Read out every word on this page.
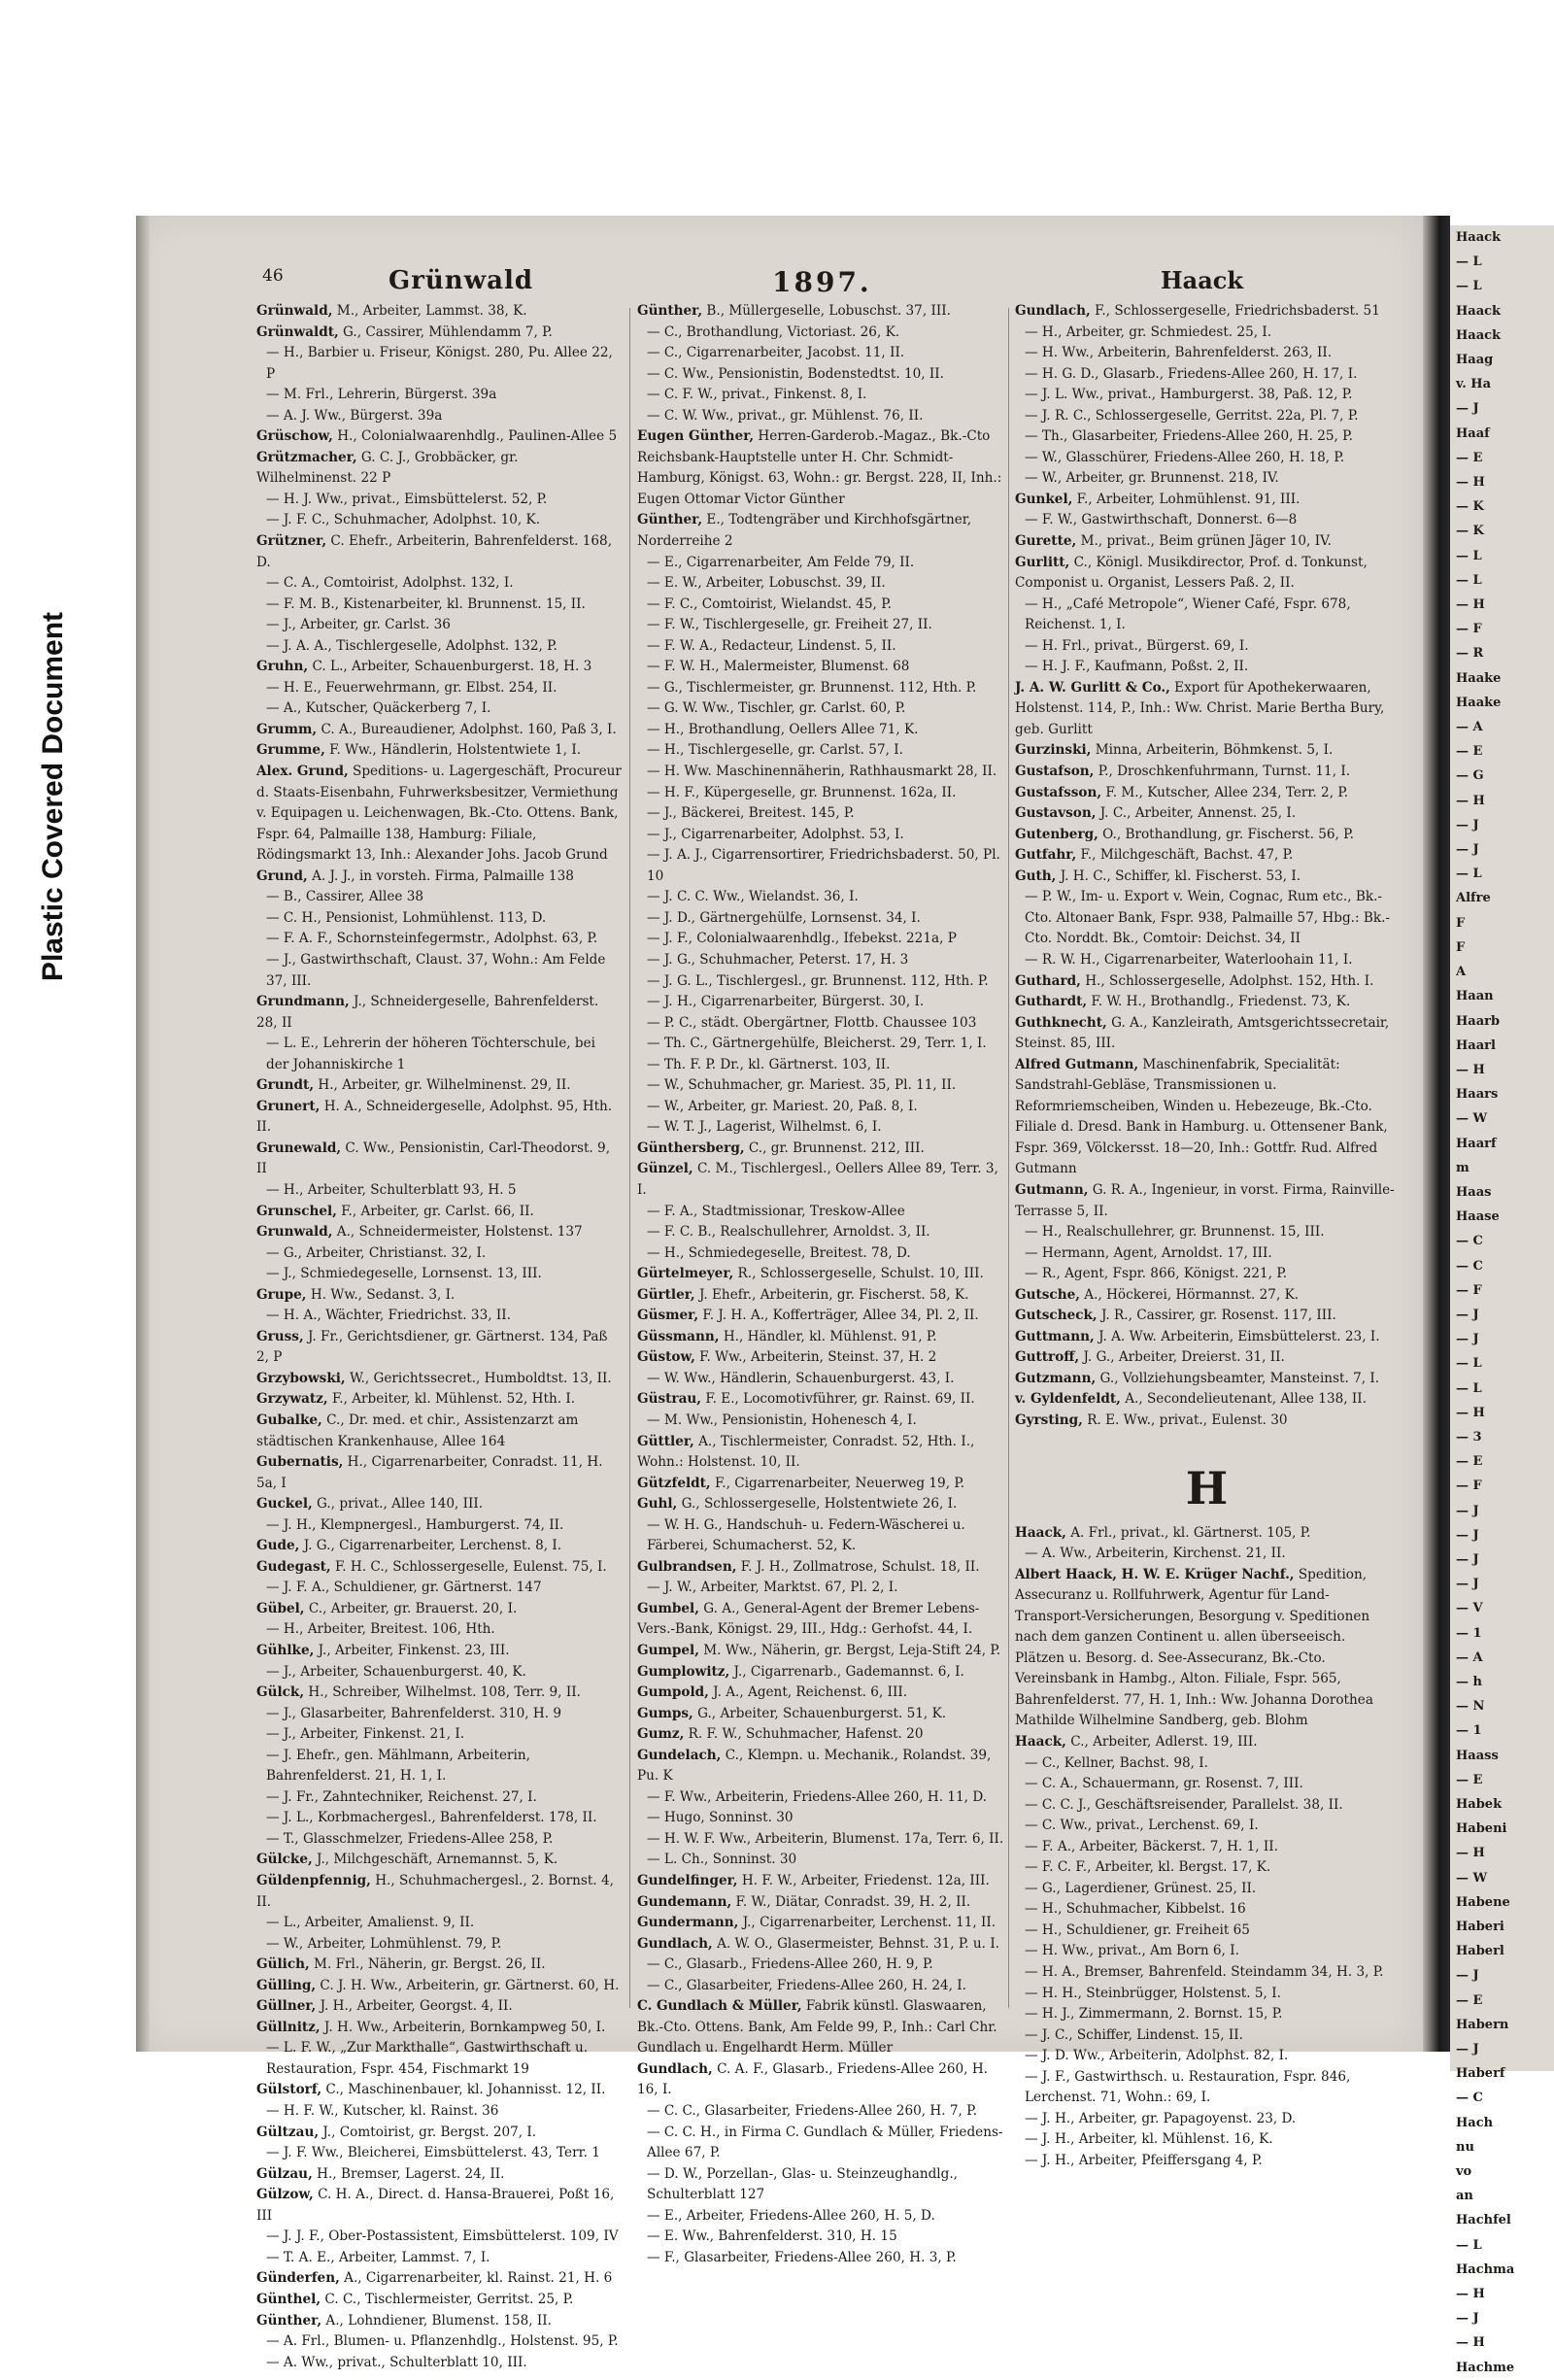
Plastic Covered Document
46	Grünwald	1897.	Haack
Grünwald, M., Arbeiter, Lammst. 38, K.
Grünwaldt, G., Cassirer, Mühlendamm 7, P.
— H., Barbier u. Friseur, Königst. 280, Pu. Allee 22, P
— M. Frl., Lehrerin, Bürgerst. 39a
— A. J. Ww., Bürgerst. 39a
Grüschow, H., Colonialwaarenhdlg., Paulinen-Allee 5
Grützmacher, G. C. J., Grobbäcker, gr. Wilhelminenst. 22 P
— H. J. Ww., privat., Eimsbüttelerst. 52, P.
— J. F. C., Schuhmacher, Adolphst. 10, K.
Grützner, C. Ehefr., Arbeiterin, Bahrenfelderst. 168, D.
— C. A., Comtoirist, Adolphst. 132, I.
— F. M. B., Kistenarbeiter, kl. Brunnenst. 15, II.
— J., Arbeiter, gr. Carlst. 36
— J. A. A., Tischlergeselle, Adolphst. 132, P.
Gruhn, C. L., Arbeiter, Schauenburgerst. 18, H. 3
— H. E., Feuerwehrmann, gr. Elbst. 254, II.
— A., Kutscher, Quäckerberg 7, I.
Grumm, C. A., Bureaudiener, Adolphst. 160, Paß 3, I.
Grumme, F. Ww., Händlerin, Holstentwiete 1, I.
Alex. Grund, Speditions- u. Lagergeschäft, Procureur d. Staats-Eisenbahn, Fuhrwerksbesitzer, Vermiethung v. Equipagen u. Leichenwagen, Bk.-Cto. Ottens. Bank, Fspr. 64, Palmaille 138, Hamburg: Filiale, Rödingsmarkt 13, Inh.: Alexander Johs. Jacob Grund
Grund, A. J. J., in vorsteh. Firma, Palmaille 138
— B., Cassirer, Allee 38
— C. H., Pensionist, Lohmühlenst. 113, D.
— F. A. F., Schornsteinfegermstr., Adolphst. 63, P.
— J., Gastwirthschaft, Claust. 37, Wohn.: Am Felde 37, III.
Grundmann, J., Schneidergeselle, Bahrenfelderst. 28, II
— L. E., Lehrerin der höheren Töchterschule, bei der Johanniskirche 1
Grundt, H., Arbeiter, gr. Wilhelminenst. 29, II.
Grunert, H. A., Schneidergeselle, Adolphst. 95, Hth. II.
Grunewald, C. Ww., Pensionistin, Carl-Theodorst. 9, II
— H., Arbeiter, Schulterblatt 93, H. 5
Grunschel, F., Arbeiter, gr. Carlst. 66, II.
Grunwald, A., Schneidermeister, Holstenst. 137
— G., Arbeiter, Christianst. 32, I.
— J., Schmiedegeselle, Lornsenst. 13, III.
Grupe, H. Ww., Sedanst. 3, I.
— H. A., Wächter, Friedrichst. 33, II.
Gruss, J. Fr., Gerichtsdiener, gr. Gärtnerst. 134, Paß 2, P
Grzybowski, W., Gerichtssecret., Humboldtst. 13, II.
Grzywatz, F., Arbeiter, kl. Mühlenst. 52, Hth. I.
Gubalke, C., Dr. med. et chir., Assistenzarzt am städtischen Krankenhause, Allee 164
Gubernatis, H., Cigarrenarbeiter, Conradst. 11, H. 5a, I
Guckel, G., privat., Allee 140, III.
— J. H., Klempnergesl., Hamburgerst. 74, II.
Gude, J. G., Cigarrenarbeiter, Lerchenst. 8, I.
Gudegast, F. H. C., Schlossergeselle, Eulenst. 75, I.
— J. F. A., Schuldiener, gr. Gärtnerst. 147
Gübel, C., Arbeiter, gr. Brauerst. 20, I.
— H., Arbeiter, Breitest. 106, Hth.
Gühlke, J., Arbeiter, Finkenst. 23, III.
— J., Arbeiter, Schauenburgerst. 40, K.
Gülck, H., Schreiber, Wilhelmst. 108, Terr. 9, II.
— J., Glasarbeiter, Bahrenfelderst. 310, H. 9
— J., Arbeiter, Finkenst. 21, I.
— J. Ehefr., gen. Mählmann, Arbeiterin, Bahrenfelderst. 21, H. 1, I.
— J. Fr., Zahntechniker, Reichenst. 27, I.
— J. L., Korbmachergesl., Bahrenfelderst. 178, II.
— T., Glasschmelzer, Friedens-Allee 258, P.
Gülcke, J., Milchgeschäft, Arnemannst. 5, K.
Güldenpfennig, H., Schuhmachergesl., 2. Bornst. 4, II.
— L., Arbeiter, Amalienst. 9, II.
— W., Arbeiter, Lohmühlenst. 79, P.
Gülich, M. Frl., Näherin, gr. Bergst. 26, II.
Gülling, C. J. H. Ww., Arbeiterin, gr. Gärtnerst. 60, H.
Güllner, J. H., Arbeiter, Georgst. 4, II.
Güllnitz, J. H. Ww., Arbeiterin, Bornkampweg 50, I.
— L. F. W., „Zur Markthalle“, Gastwirthschaft u. Restauration, Fspr. 454, Fischmarkt 19
Gülstorf, C., Maschinenbauer, kl. Johannisst. 12, II.
— H. F. W., Kutscher, kl. Rainst. 36
Gültzau, J., Comtoirist, gr. Bergst. 207, I.
— J. F. Ww., Bleicherei, Eimsbüttelerst. 43, Terr. 1
Gülzau, H., Bremser, Lagerst. 24, II.
Gülzow, C. H. A., Direct. d. Hansa-Brauerei, Poßt 16, III
— J. J. F., Ober-Postassistent, Eimsbüttelerst. 109, IV
— T. A. E., Arbeiter, Lammst. 7, I.
Günderfen, A., Cigarrenarbeiter, kl. Rainst. 21, H. 6
Günthel, C. C., Tischlermeister, Gerritst. 25, P.
Günther, A., Lohndiener, Blumenst. 158, II.
— A. Frl., Blumen- u. Pflanzenhdlg., Holstenst. 95, P.
— A. Ww., privat., Schulterblatt 10, III.
Günther, B., Müllergeselle, Lobuschst. 37, III.
— C., Brothandlung, Victoriast. 26, K.
— C., Cigarrenarbeiter, Jacobst. 11, II.
— C. Ww., Pensionistin, Bodenstedtst. 10, II.
— C. F. W., privat., Finkenst. 8, I.
— C. W. Ww., privat., gr. Mühlenst. 76, II.
Eugen Günther, Herren-Garderob.-Magaz., Bk.-Cto Reichsbank-Hauptstelle unter H. Chr. Schmidt-Hamburg, Königst. 63, Wohn.: gr. Bergst. 228, II, Inh.: Eugen Ottomar Victor Günther
Günther, E., Todtengräber und Kirchhofsgärtner, Norderreihe 2
— E., Cigarrenarbeiter, Am Felde 79, II.
— E. W., Arbeiter, Lobuschst. 39, II.
— F. C., Comtoirist, Wielandst. 45, P.
— F. W., Tischlergeselle, gr. Freiheit 27, II.
— F. W. A., Redacteur, Lindenst. 5, II.
— F. W. H., Malermeister, Blumenst. 68
— G., Tischlermeister, gr. Brunnenst. 112, Hth. P.
— G. W. Ww., Tischler, gr. Carlst. 60, P.
— H., Brothandlung, Oellers Allee 71, K.
— H., Tischlergeselle, gr. Carlst. 57, I.
— H. Ww. Maschinennäherin, Rathhausmarkt 28, II.
— H. F., Küpergeselle, gr. Brunnenst. 162a, II.
— J., Bäckerei, Breitest. 145, P.
— J., Cigarrenarbeiter, Adolphst. 53, I.
— J. A. J., Cigarrensortirer, Friedrichsbaderst. 50, Pl. 10
— J. C. C. Ww., Wielandst. 36, I.
— J. D., Gärtnergehülfe, Lornsenst. 34, I.
— J. F., Colonialwaarenhdlg., Ifebekst. 221a, P
— J. G., Schuhmacher, Peterst. 17, H. 3
— J. G. L., Tischlergesl., gr. Brunnenst. 112, Hth. P.
— J. H., Cigarrenarbeiter, Bürgerst. 30, I.
— P. C., städt. Obergärtner, Flottb. Chaussee 103
— Th. C., Gärtnergehülfe, Bleicherst. 29, Terr. 1, I.
— Th. F. P. Dr., kl. Gärtnerst. 103, II.
— W., Schuhmacher, gr. Mariest. 35, Pl. 11, II.
— W., Arbeiter, gr. Mariest. 20, Paß. 8, I.
— W. T. J., Lagerist, Wilhelmst. 6, I.
Günthersberg, C., gr. Brunnenst. 212, III.
Günzel, C. M., Tischlergesl., Oellers Allee 89, Terr. 3, I.
— F. A., Stadtmissionar, Treskow-Allee
— F. C. B., Realschullehrer, Arnoldst. 3, II.
— H., Schmiedegeselle, Breitest. 78, D.
Gürtelmeyer, R., Schlossergeselle, Schulst. 10, III.
Gürtler, J. Ehefr., Arbeiterin, gr. Fischerst. 58, K.
Güsmer, F. J. H. A., Kofferträger, Allee 34, Pl. 2, II.
Güssmann, H., Händler, kl. Mühlenst. 91, P.
Güstow, F. Ww., Arbeiterin, Steinst. 37, H. 2
— W. Ww., Händlerin, Schauenburgerst. 43, I.
Güstrau, F. E., Locomotivführer, gr. Rainst. 69, II.
— M. Ww., Pensionistin, Hohenesch 4, I.
Güttler, A., Tischlermeister, Conradst. 52, Hth. I., Wohn.: Holstenst. 10, II.
Gützfeldt, F., Cigarrenarbeiter, Neuerweg 19, P.
Guhl, G., Schlossergeselle, Holstentwiete 26, I.
— W. H. G., Handschuh- u. Federn-Wäscherei u. Färberei, Schumacherst. 52, K.
Gulbrandsen, F. J. H., Zollmatrose, Schulst. 18, II.
— J. W., Arbeiter, Marktst. 67, Pl. 2, I.
Gumbel, G. A., General-Agent der Bremer Lebens-Vers.-Bank, Königst. 29, III., Hdg.: Gerhofst. 44, I.
Gumpel, M. Ww., Näherin, gr. Bergst, Leja-Stift 24, P.
Gumplowitz, J., Cigarrenarb., Gademannst. 6, I.
Gumpold, J. A., Agent, Reichenst. 6, III.
Gumps, G., Arbeiter, Schauenburgerst. 51, K.
Gumz, R. F. W., Schuhmacher, Hafenst. 20
Gundelach, C., Klempn. u. Mechanik., Rolandst. 39, Pu. K
— F. Ww., Arbeiterin, Friedens-Allee 260, H. 11, D.
— Hugo, Sonninst. 30
— H. W. F. Ww., Arbeiterin, Blumenst. 17a, Terr. 6, II.
— L. Ch., Sonninst. 30
Gundelfinger, H. F. W., Arbeiter, Friedenst. 12a, III.
Gundemann, F. W., Diätar, Conradst. 39, H. 2, II.
Gundermann, J., Cigarrenarbeiter, Lerchenst. 11, II.
Gundlach, A. W. O., Glasermeister, Behnst. 31, P. u. I.
— C., Glasarb., Friedens-Allee 260, H. 9, P.
— C., Glasarbeiter, Friedens-Allee 260, H. 24, I.
C. Gundlach & Müller, Fabrik künstl. Glaswaaren, Bk.-Cto. Ottens. Bank, Am Felde 99, P., Inh.: Carl Chr. Gundlach u. Engelhardt Herm. Müller
Gundlach, C. A. F., Glasarb., Friedens-Allee 260, H. 16, I.
— C. C., Glasarbeiter, Friedens-Allee 260, H. 7, P.
— C. C. H., in Firma C. Gundlach & Müller, Friedens-Allee 67, P.
— D. W., Porzellan-, Glas- u. Steinzeughandlg., Schulterblatt 127
— E., Arbeiter, Friedens-Allee 260, H. 5, D.
— E. Ww., Bahrenfelderst. 310, H. 15
— F., Glasarbeiter, Friedens-Allee 260, H. 3, P.
Gundlach, F., Schlossergeselle, Friedrichsbaderst. 51
— H., Arbeiter, gr. Schmiedest. 25, I.
— H. Ww., Arbeiterin, Bahrenfelderst. 263, II.
— H. G. D., Glasarb., Friedens-Allee 260, H. 17, I.
— J. L. Ww., privat., Hamburgerst. 38, Paß. 12, P.
— J. R. C., Schlossergeselle, Gerritst. 22a, Pl. 7, P.
— Th., Glasarbeiter, Friedens-Allee 260, H. 25, P.
— W., Glasschürer, Friedens-Allee 260, H. 18, P.
— W., Arbeiter, gr. Brunnenst. 218, IV.
Gunkel, F., Arbeiter, Lohmühlenst. 91, III.
— F. W., Gastwirthschaft, Donnerst. 6—8
Gurette, M., privat., Beim grünen Jäger 10, IV.
Gurlitt, C., Königl. Musikdirector, Prof. d. Tonkunst, Componist u. Organist, Lessers Paß. 2, II.
— H., „Café Metropole“, Wiener Café, Fspr. 678, Reichenst. 1, I.
— H. Frl., privat., Bürgerst. 69, I.
— H. J. F., Kaufmann, Poßst. 2, II.
J. A. W. Gurlitt & Co., Export für Apothekerwaaren, Holstenst. 114, P., Inh.: Ww. Christ. Marie Bertha Bury, geb. Gurlitt
Gurzinski, Minna, Arbeiterin, Böhmkenst. 5, I.
Gustafson, P., Droschkenfuhrmann, Turnst. 11, I.
Gustafsson, F. M., Kutscher, Allee 234, Terr. 2, P.
Gustavson, J. C., Arbeiter, Annenst. 25, I.
Gutenberg, O., Brothandlung, gr. Fischerst. 56, P.
Gutfahr, F., Milchgeschäft, Bachst. 47, P.
Guth, J. H. C., Schiffer, kl. Fischerst. 53, I.
— P. W., Im- u. Export v. Wein, Cognac, Rum etc., Bk.-Cto. Altonaer Bank, Fspr. 938, Palmaille 57, Hbg.: Bk.-Cto. Norddt. Bk., Comtoir: Deichst. 34, II
— R. W. H., Cigarrenarbeiter, Waterloohain 11, I.
Guthard, H., Schlossergeselle, Adolphst. 152, Hth. I.
Guthardt, F. W. H., Brothandlg., Friedenst. 73, K.
Guthknecht, G. A., Kanzleirath, Amtsgerichtssecretair, Steinst. 85, III.
Alfred Gutmann, Maschinenfabrik, Specialität: Sandstrahl-Gebläse, Transmissionen u. Reformriemscheiben, Winden u. Hebezeuge, Bk.-Cto. Filiale d. Dresd. Bank in Hamburg. u. Ottensener Bank, Fspr. 369, Völckersst. 18—20, Inh.: Gottfr. Rud. Alfred Gutmann
Gutmann, G. R. A., Ingenieur, in vorst. Firma, Rainville-Terrasse 5, II.
— H., Realschullehrer, gr. Brunnenst. 15, III.
— Hermann, Agent, Arnoldst. 17, III.
— R., Agent, Fspr. 866, Königst. 221, P.
Gutsche, A., Höckerei, Hörmannst. 27, K.
Gutscheck, J. R., Cassirer, gr. Rosenst. 117, III.
Guttmann, J. A. Ww. Arbeiterin, Eimsbüttelerst. 23, I.
Guttroff, J. G., Arbeiter, Dreierst. 31, II.
Gutzmann, G., Vollziehungsbeamter, Mansteinst. 7, I.
v. Gyldenfeldt, A., Secondelieutenant, Allee 138, II.
Gyrsting, R. E. Ww., privat., Eulenst. 30
H
Haack, A. Frl., privat., kl. Gärtnerst. 105, P.
— A. Ww., Arbeiterin, Kirchenst. 21, II.
Albert Haack, H. W. E. Krüger Nachf., Spedition, Assecuranz u. Rollfuhrwerk, Agentur für Land-Transport-Versicherungen, Besorgung v. Speditionen nach dem ganzen Continent u. allen überseeisch. Plätzen u. Besorg. d. See-Assecuranz, Bk.-Cto. Vereinsbank in Hambg., Alton. Filiale, Fspr. 565, Bahrenfelderst. 77, H. 1, Inh.: Ww. Johanna Dorothea Mathilde Wilhelmine Sandberg, geb. Blohm
Haack, C., Arbeiter, Adlerst. 19, III.
— C., Kellner, Bachst. 98, I.
— C. A., Schauermann, gr. Rosenst. 7, III.
— C. C. J., Geschäftsreisender, Parallelst. 38, II.
— C. Ww., privat., Lerchenst. 69, I.
— F. A., Arbeiter, Bäckerst. 7, H. 1, II.
— F. C. F., Arbeiter, kl. Bergst. 17, K.
— G., Lagerdiener, Grünest. 25, II.
— H., Schuhmacher, Kibbelst. 16
— H., Schuldiener, gr. Freiheit 65
— H. Ww., privat., Am Born 6, I.
— H. A., Bremser, Bahrenfeld. Steindamm 34, H. 3, P.
— H. H., Steinbrügger, Holstenst. 5, I.
— H. J., Zimmermann, 2. Bornst. 15, P.
— J. C., Schiffer, Lindenst. 15, II.
— J. D. Ww., Arbeiterin, Adolphst. 82, I.
— J. F., Gastwirthsch. u. Restauration, Fspr. 846, Lerchenst. 71, Wohn.: 69, I.
— J. H., Arbeiter, gr. Papagoyenst. 23, D.
— J. H., Arbeiter, kl. Mühlenst. 16, K.
— J. H., Arbeiter, Pfeiffersgang 4, P.
Haack
— L
— L
Haack
Haack
Haag
v. Ha
— J
Haaf
— E
— H
— K
— K
— L
— L
— H
— F
— R
Haake
Haake
— A
— E
— G
— H
— J
— J
— L
Alfre
F
F
A
Haan
Haarb
Haarl
— H
Haars
— W
Haarf
m
Haas
Haase
— C
— C
— F
— J
— J
— L
— L
— H
— 3
— E
— F
— J
— J
— J
— J
— V
— 1
— A
— h
— N
— 1
Haass
— E
Habek
Habeni
— H
— W
Habene
Haberi
Haberl
— J
— E
Habern
— J
Haberf
— C
Hach
nu
vo
an
Hachfel
— L
Hachma
— H
— J
— H
Hachme
